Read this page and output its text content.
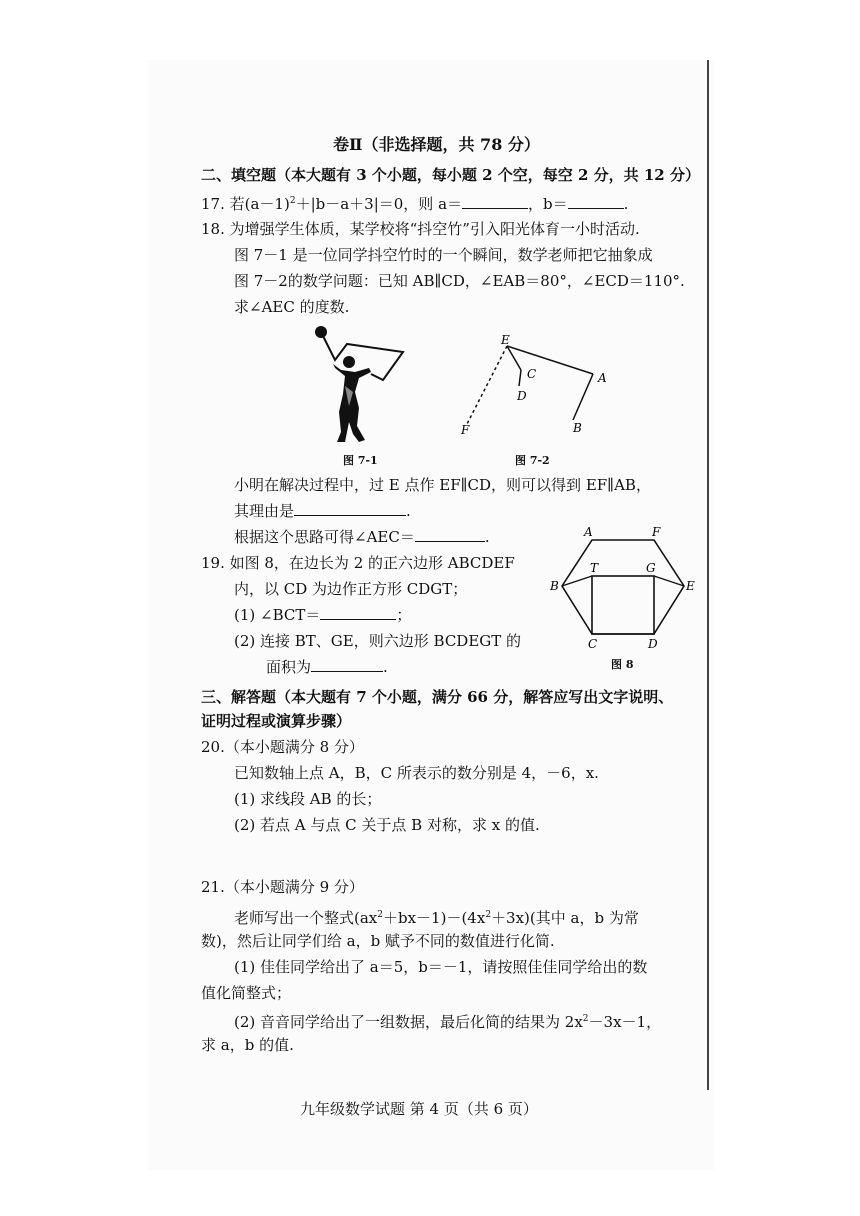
卷Ⅱ（非选择题，共 78 分）
二、填空题（本大题有 3 个小题，每小题 2 个空，每空 2 分，共 12 分）
17. 若$(a-1)^2+|b-a+3|=0$，则 a＝	，b＝	.
18. 为增强学生体质，某学校将“抖空竹”引入阳光体育一小时活动.
图 7－1 是一位同学抖空竹时的一个瞬间，数学老师把它抽象成
图 7－2的数学问题：已知 AB∥CD，∠EAB＝80°，∠ECD＝110°.
求∠AEC 的度数.
图 7-1
E
C	A
D
F	B
图 7-2
小明在解决过程中，过 E 点作 EF∥CD，则可以得到 EF∥AB，
其理由是	.
根据这个思路可得∠AEC＝	.
19. 如图 8，在边长为 2 的正六边形 ABCDEF
内，以 CD 为边作正方形 CDGT；
(1) ∠BCT＝	；
(2) 连接 BT、GE，则六边形 BCDEGT 的
面积为	.
A	F
B
T	G
E
C	D
图 8
三、解答题（本大题有 7 个小题，满分 66 分，解答应写出文字说明、
证明过程或演算步骤）
20.（本小题满分 8 分）
已知数轴上点 A，B，C 所表示的数分别是 4，－6，x.
(1) 求线段 AB 的长；
(2) 若点 A 与点 C 关于点 B 对称，求 x 的值.
21.（本小题满分 9 分）
老师写出一个整式$(ax^2+bx-1)-(4x^2+3x)$(其中 a，b 为常
数)，然后让同学们给 a，b 赋予不同的数值进行化简.
(1) 佳佳同学给出了 a＝5，b＝－1，请按照佳佳同学给出的数
值化简整式；
(2) 音音同学给出了一组数据，最后化简的结果为 $2x^2-3x-1$，
求 a，b 的值.
九年级数学试题 第 4 页（共 6 页）
